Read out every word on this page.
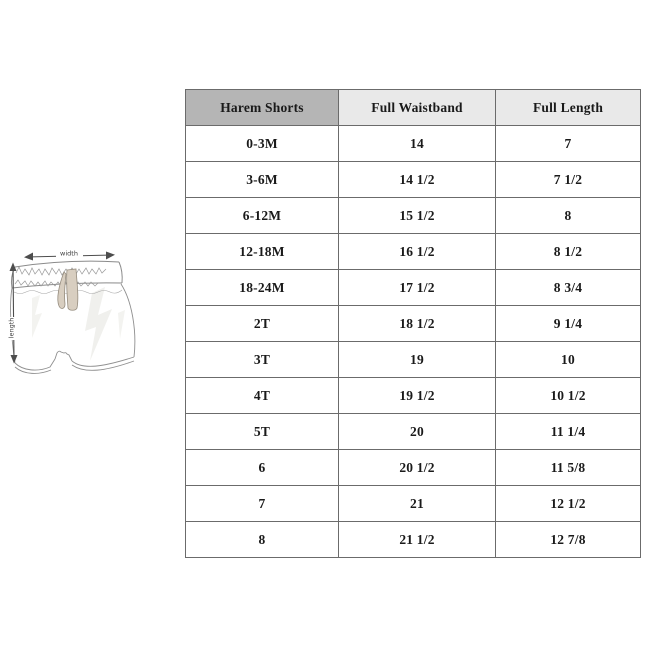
width
length
Harem Shorts	Full Waistband	Full Length
0-3M	14	7
3-6M	14 1/2	7 1/2
6-12M	15 1/2	8
12-18M	16 1/2	8 1/2
18-24M	17 1/2	8 3/4
2T	18 1/2	9 1/4
3T	19	10
4T	19 1/2	10 1/2
5T	20	11 1/4
6	20 1/2	11 5/8
7	21	12 1/2
8	21 1/2	12 7/8
